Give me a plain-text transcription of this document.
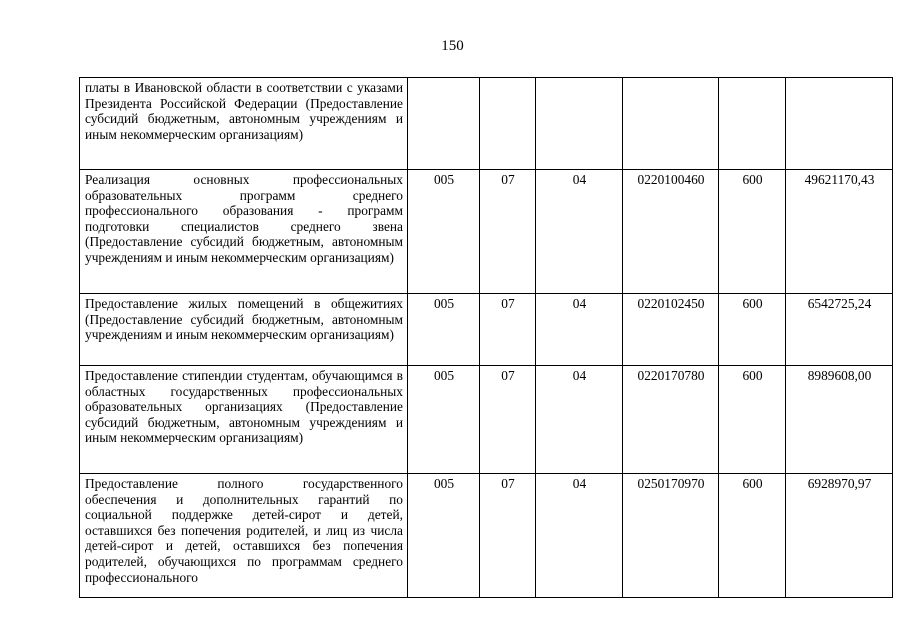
150
платы в Ивановской области в соответствии с указами Президента Российской Федерации (Предоставление субсидий бюджетным, автономным учреждениям и иным некоммерческим организациям)						
Реализация основных профессиональных образовательных программ среднего профессионального образования - программ подготовки специалистов среднего звена (Предоставление субсидий бюджетным, автономным учреждениям и иным некоммерческим организациям)	005	07	04	0220100460	600	49621170,43
Предоставление жилых помещений в общежитиях (Предоставление субсидий бюджетным, автономным учреждениям и иным некоммерческим организациям)	005	07	04	0220102450	600	6542725,24
Предоставление стипендии студентам, обучающимся в областных государственных профессиональных образовательных организациях (Предоставление субсидий бюджетным, автономным учреждениям и иным некоммерческим организациям)	005	07	04	0220170780	600	8989608,00
Предоставление полного государственного обеспечения и дополнительных гарантий по социальной поддержке детей-сирот и детей, оставшихся без попечения родителей, и лиц из числа детей-сирот и детей, оставшихся без попечения родителей, обучающихся по программам среднего профессионального	005	07	04	0250170970	600	6928970,97
